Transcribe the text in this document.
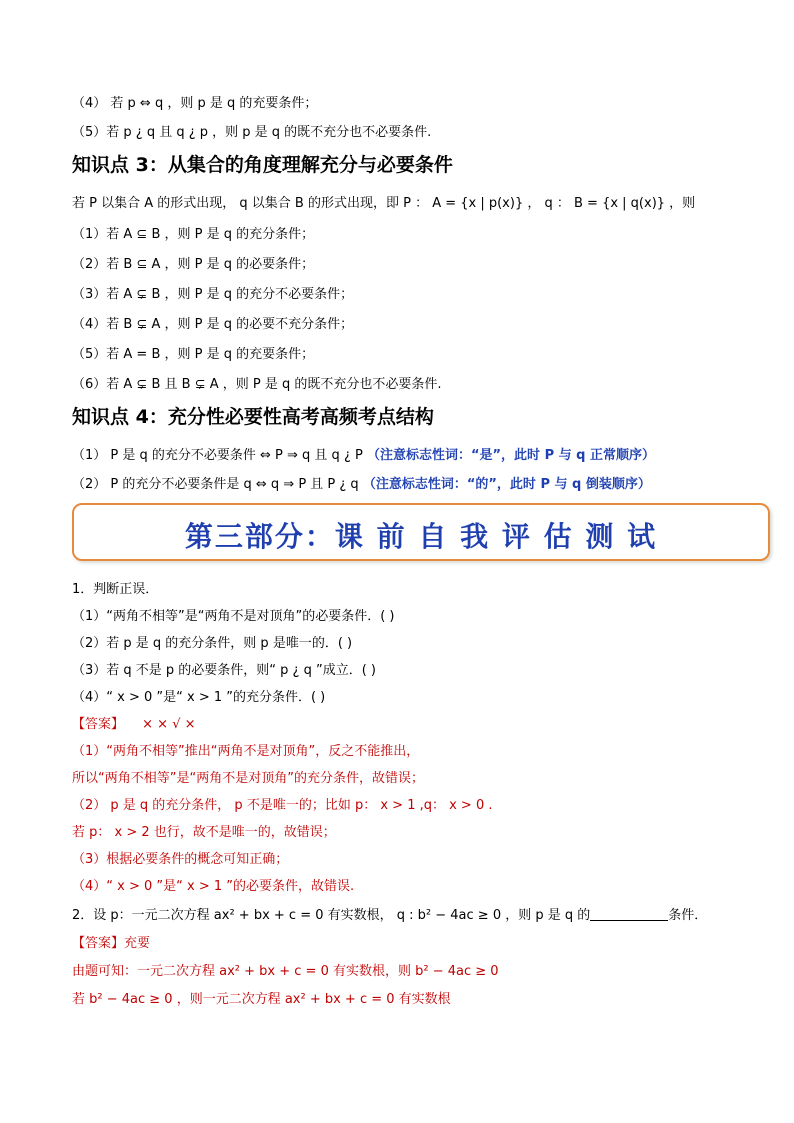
（4） 若 p ⇔ q ，则 p 是 q 的充要条件；
（5）若 p ¿ q 且 q ¿ p ，则 p 是 q 的既不充分也不必要条件.
知识点 3：从集合的角度理解充分与必要条件
若 P 以集合 A 的形式出现， q 以集合 B 的形式出现，即 P ： A = {x | p(x)} ， q ： B = {x | q(x)} ，则
（1）若 A ⊆ B ，则 P 是 q 的充分条件；
（2）若 B ⊆ A ，则 P 是 q 的必要条件；
（3）若 A ⊊ B ，则 P 是 q 的充分不必要条件；
（4）若 B ⊊ A ，则 P 是 q 的必要不充分条件；
（5）若 A = B ，则 P 是 q 的充要条件；
（6）若 A ⊊ B 且 B ⊊ A ，则 P 是 q 的既不充分也不必要条件.
知识点 4：充分性必要性高考高频考点结构
（1） P 是 q 的充分不必要条件 ⇔ P ⇒ q 且 q ¿ P （注意标志性词：“是”，此时 P 与 q 正常顺序）
（2） P 的充分不必要条件是 q ⇔ q ⇒ P 且 P ¿ q （注意标志性词：“的”，此时 P 与 q 倒装顺序）
第三部分：课 前 自 我 评 估 测 试
1．判断正误．
（1）“两角不相等”是“两角不是对顶角”的必要条件．( )
（2）若 p 是 q 的充分条件，则 p 是唯一的．( )
（3）若 q 不是 p 的必要条件，则“ p ¿ q ”成立．( )
（4）“ x > 0 ”是“ x > 1 ”的充分条件．( )
【答案】 × × √ ×
（1）“两角不相等”推出“两角不是对顶角”，反之不能推出，
所以“两角不相等”是“两角不是对顶角”的充分条件，故错误；
（2） p 是 q 的充分条件， p 不是唯一的；比如 p： x > 1 ,q： x > 0 .
若 p： x > 2 也行，故不是唯一的，故错误；
（3）根据必要条件的概念可知正确；
（4）“ x > 0 ”是“ x > 1 ”的必要条件，故错误.
2．设 p：一元二次方程 ax² + bx + c = 0 有实数根， q : b² − 4ac ≥ 0 ，则 p 是 q 的	条件．
【答案】充要
由题可知：一元二次方程 ax² + bx + c = 0 有实数根，则 b² − 4ac ≥ 0
若 b² − 4ac ≥ 0 ，则一元二次方程 ax² + bx + c = 0 有实数根
